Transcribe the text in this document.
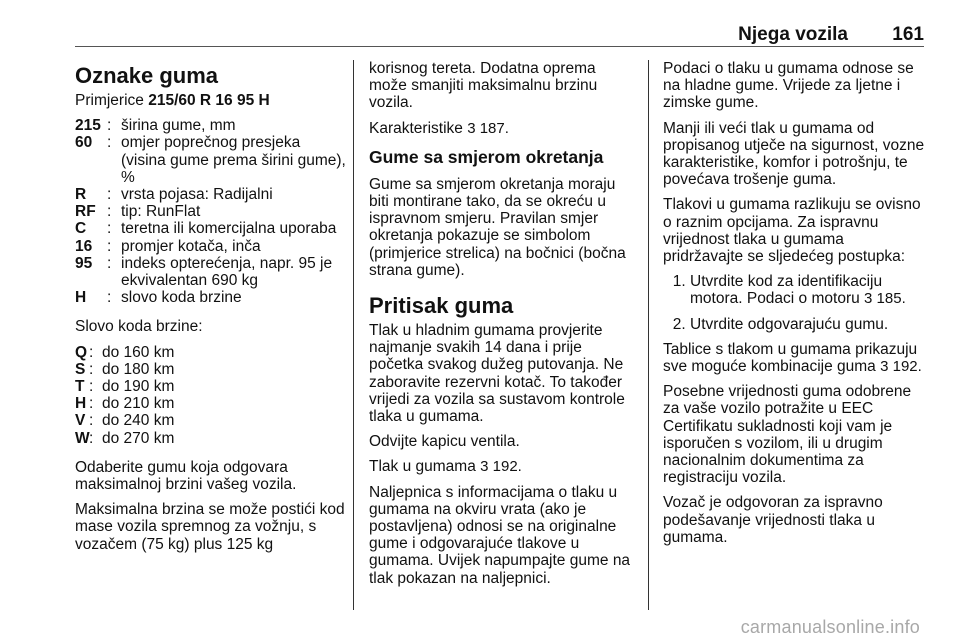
Njega vozila 161
Oznake guma

Primjerice 215/60 R 16 95 H

215 : širina gume, mm
60 : omjer poprečnog presjeka (visina gume prema širini gume), %
R	: vrsta pojasa: Radijalni
RF : tip: RunFlat
C	: teretna ili komercijalna uporaba
16 : promjer kotača, inča
95 : indeks opterećenja, napr. 95 je ekvivalentan 690 kg
H	: slovo koda brzine

Slovo koda brzine:

Q : do 160 km
S : do 180 km
T : do 190 km
H : do 210 km
V : do 240 km
W : do 270 km

Odaberite gumu koja odgovara maksimalnoj brzini vašeg vozila.

Maksimalna brzina se može postići kod mase vozila spremnog za vožnju, s vozačem (75 kg) plus 125 kg

korisnog tereta. Dodatna oprema može smanjiti maksimalnu brzinu vozila.

Karakteristike 3 187.

Gume sa smjerom okretanja

Gume sa smjerom okretanja moraju biti montirane tako, da se okreću u ispravnom smjeru. Pravilan smjer okretanja pokazuje se simbolom (primjerice strelica) na bočnici (bočna strana gume).

Pritisak guma

Tlak u hladnim gumama provjerite najmanje svakih 14 dana i prije početka svakog dužeg putovanja. Ne zaboravite rezervni kotač. To također vrijedi za vozila sa sustavom kontrole tlaka u gumama.

Odvijte kapicu ventila.

Tlak u gumama 3 192.

Naljepnica s informacijama o tlaku u gumama na okviru vrata (ako je postavljena) odnosi se na originalne gume i odgovarajuće tlakove u gumama. Uvijek napumpajte gume na tlak pokazan na naljepnici.

Podaci o tlaku u gumama odnose se na hladne gume. Vrijede za ljetne i zimske gume.

Manji ili veći tlak u gumama od propisanog utječe na sigurnost, vozne karakteristike, komfor i potrošnju, te povećava trošenje guma.

Tlakovi u gumama razlikuju se ovisno o raznim opcijama. Za ispravnu vrijednost tlaka u gumama pridržavajte se sljedećeg postupka:

1. Utvrdite kod za identifikaciju motora. Podaci o motoru 3 185.
2. Utvrdite odgovarajuću gumu.

Tablice s tlakom u gumama prikazuju sve moguće kombinacije guma 3 192.

Posebne vrijednosti guma odobrene za vaše vozilo potražite u EEC Certifikatu sukladnosti koji vam je isporučen s vozilom, ili u drugim nacionalnim dokumentima za registraciju vozila.

Vozač je odgovoran za ispravno podešavanje vrijednosti tlaka u gumama.

carmanualsonline.info
